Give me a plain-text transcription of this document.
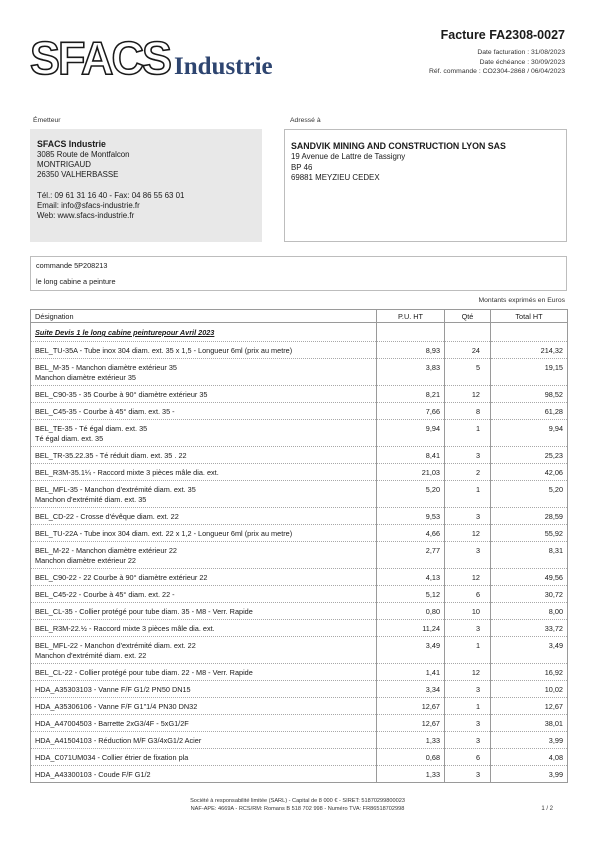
SFACS Industrie
Facture FA2308-0027
Date facturation : 31/08/2023
Date échéance : 30/09/2023
Réf. commande : CO2304-2868 / 06/04/2023
Émetteur	Adressé à
SFACS Industrie
3085 Route de Montfalcon
MONTRIGAUD
26350 VALHERBASSE
Tél.: 09 61 31 16 40 - Fax: 04 86 55 63 01
Email: info@sfacs-industrie.fr
Web: www.sfacs-industrie.fr
SANDVIK MINING AND CONSTRUCTION LYON SAS
19 Avenue de Lattre de Tassigny
BP 46
69881 MEYZIEU CEDEX
commande 5P208213
le long cabine a peinture
Montants exprimés en Euros
Désignation	P.U. HT	Qté	Total HT
Suite Devis 1 le long cabine peinturepour Avril 2023			

BEL_TU-35A - Tube inox 304 diam. ext. 35 x 1,5 - Longueur 6ml (prix au metre)	8,93	24	214,32

BEL_M-35 - Manchon diamètre extérieur 35
Manchon diamètre extérieur 35	3,83	5	19,15

BEL_C90-35 - 35 Courbe à 90° diamètre extérieur 35	8,21	12	98,52

BEL_C45-35 - Courbe à 45° diam. ext. 35 -	7,66	8	61,28

BEL_TE-35 - Té égal diam. ext. 35
Té égal diam. ext. 35	9,94	1	9,94

BEL_TR-35.22.35 - Té réduit diam. ext. 35 . 22	8,41	3	25,23

BEL_R3M-35.1¼ - Raccord mixte 3 pièces mâle dia. ext.	21,03	2	42,06

BEL_MFL-35 - Manchon d'extrémité diam. ext. 35
Manchon d'extrémité diam. ext. 35	5,20	1	5,20

BEL_CD-22 - Crosse d'évêque diam. ext. 22	9,53	3	28,59

BEL_TU-22A - Tube inox 304 diam. ext. 22 x 1,2 - Longueur 6ml (prix au metre)	4,66	12	55,92

BEL_M-22 - Manchon diamètre extérieur 22
Manchon diamètre extérieur 22	2,77	3	8,31

BEL_C90-22 - 22 Courbe à 90° diamètre extérieur 22	4,13	12	49,56

BEL_C45-22 - Courbe à 45° diam. ext. 22 -	5,12	6	30,72

BEL_CL-35 - Collier protégé pour tube diam. 35 - M8 - Verr. Rapide	0,80	10	8,00

BEL_R3M-22.½ - Raccord mixte 3 pièces mâle dia. ext.	11,24	3	33,72

BEL_MFL-22 - Manchon d'extrémité diam. ext. 22
Manchon d'extrémité diam. ext. 22	3,49	1	3,49

BEL_CL-22 - Collier protégé pour tube diam. 22 - M8 - Verr. Rapide	1,41	12	16,92

HDA_A35303103 - Vanne F/F G1/2 PN50 DN15	3,34	3	10,02

HDA_A35306106 - Vanne F/F G1"1/4 PN30 DN32	12,67	1	12,67

HDA_A47004503 - Barrette 2xG3/4F - 5xG1/2F	12,67	3	38,01

HDA_A41504103 - Réduction M/F G3/4xG1/2 Acier	1,33	3	3,99

HDA_C071UM034 - Collier étrier de fixation pla	0,68	6	4,08

HDA_A43300103 - Coude F/F G1/2	1,33	3	3,99
Société à responsabilité limitée (SARL) - Capital de 8 000 € - SIRET: 51870299800023
NAF-APE: 4669A - RCS/RM: Romans B 518 702 998 - Numéro TVA: FR86518702998	1 / 2
